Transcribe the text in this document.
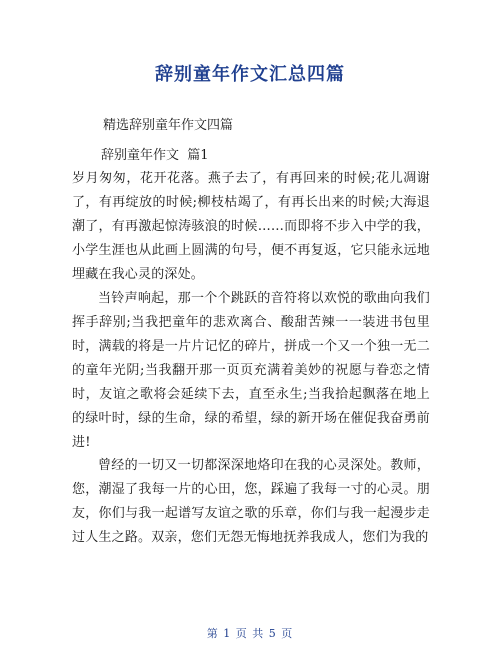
辞别童年作文汇总四篇
精选辞别童年作文四篇
辞别童年作文  篇1
岁月匆匆，花开花落。燕子去了，有再回来的时候;花儿凋谢了，有再绽放的时候;柳枝枯竭了，有再长出来的时候;大海退潮了，有再激起惊涛骇浪的时候……而即将不步入中学的我，小学生涯也从此画上圆满的句号，便不再复返，它只能永远地埋藏在我心灵的深处。
当铃声响起，那一个个跳跃的音符将以欢悦的歌曲向我们挥手辞别;当我把童年的悲欢离合、酸甜苦辣一一装进书包里时，满载的将是一片片记忆的碎片，拼成一个又一个独一无二的童年光阴;当我翻开那一页页充满着美妙的祝愿与眷恋之情时，友谊之歌将会延续下去，直至永生;当我拾起飘落在地上的绿叶时，绿的生命，绿的希望，绿的新开场在催促我奋勇前进!
曾经的一切又一切都深深地烙印在我的心灵深处。教师，您，潮湿了我每一片的心田，您，踩遍了我每一寸的心灵。朋友，你们与我一起谱写友谊之歌的乐章，你们与我一起漫步走过人生之路。双亲，您们无怨无悔地抚养我成人，您们为我的
第 1 页 共 5 页
